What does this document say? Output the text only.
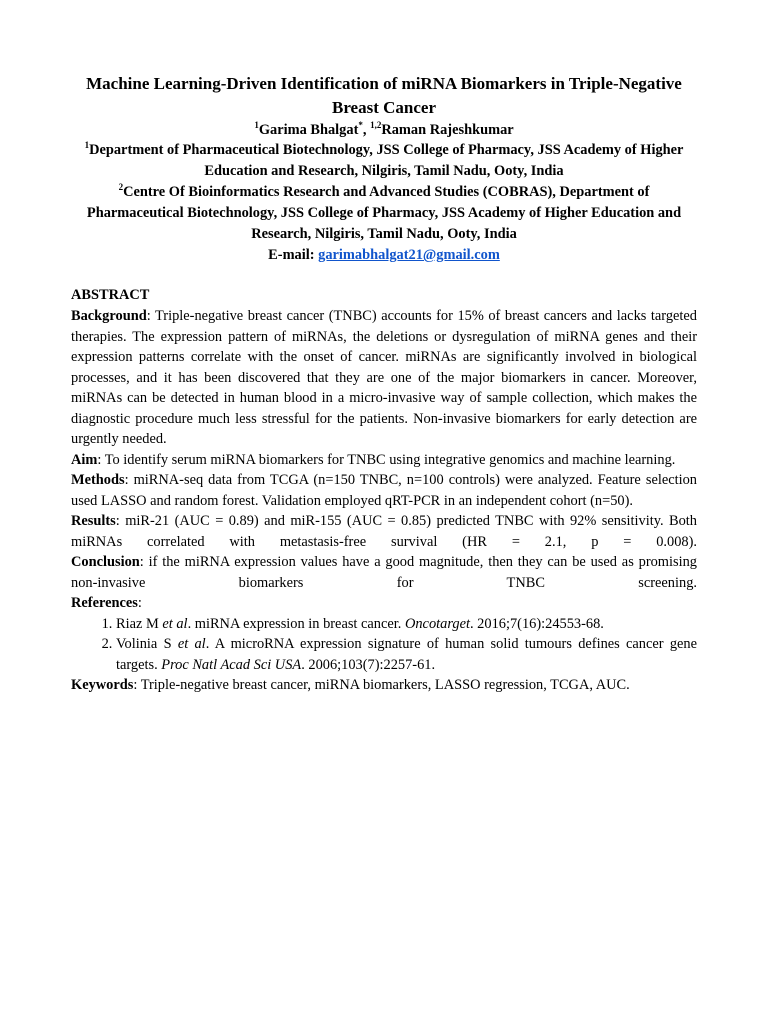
Machine Learning-Driven Identification of miRNA Biomarkers in Triple-Negative Breast Cancer

$^1$Garima Bhalgat*, $^{1,2}$Raman Rajeshkumar

$^1$Department of Pharmaceutical Biotechnology, JSS College of Pharmacy, JSS Academy of Higher Education and Research, Nilgiris, Tamil Nadu, Ooty, India

$^2$Centre Of Bioinformatics Research and Advanced Studies (COBRAS), Department of Pharmaceutical Biotechnology, JSS College of Pharmacy, JSS Academy of Higher Education and Research, Nilgiris, Tamil Nadu, Ooty, India

E-mail: garimabhalgat21@gmail.com

ABSTRACT

Background: Triple-negative breast cancer (TNBC) accounts for 15% of breast cancers and lacks targeted therapies. The expression pattern of miRNAs, the deletions or dysregulation of miRNA genes and their expression patterns correlate with the onset of cancer. miRNAs are significantly involved in biological processes, and it has been discovered that they are one of the major biomarkers in cancer. Moreover, miRNAs can be detected in human blood in a micro-invasive way of sample collection, which makes the diagnostic procedure much less stressful for the patients. Non-invasive biomarkers for early detection are urgently needed.

Aim: To identify serum miRNA biomarkers for TNBC using integrative genomics and machine learning.

Methods: miRNA-seq data from TCGA (n=150 TNBC, n=100 controls) were analyzed. Feature selection used LASSO and random forest. Validation employed qRT-PCR in an independent cohort (n=50).

Results: miR-21 (AUC = 0.89) and miR-155 (AUC = 0.85) predicted TNBC with 92% sensitivity. Both miRNAs correlated with metastasis-free survival (HR = 2.1, p = 0.008).

Conclusion: if the miRNA expression values have a good magnitude, then they can be used as promising non-invasive biomarkers for TNBC screening.

References:

1. Riaz M et al. miRNA expression in breast cancer. Oncotarget. 2016;7(16):24553-68.
2. Volinia S et al. A microRNA expression signature of human solid tumours defines cancer gene targets. Proc Natl Acad Sci USA. 2006;103(7):2257-61.

Keywords: Triple-negative breast cancer, miRNA biomarkers, LASSO regression, TCGA, AUC.
